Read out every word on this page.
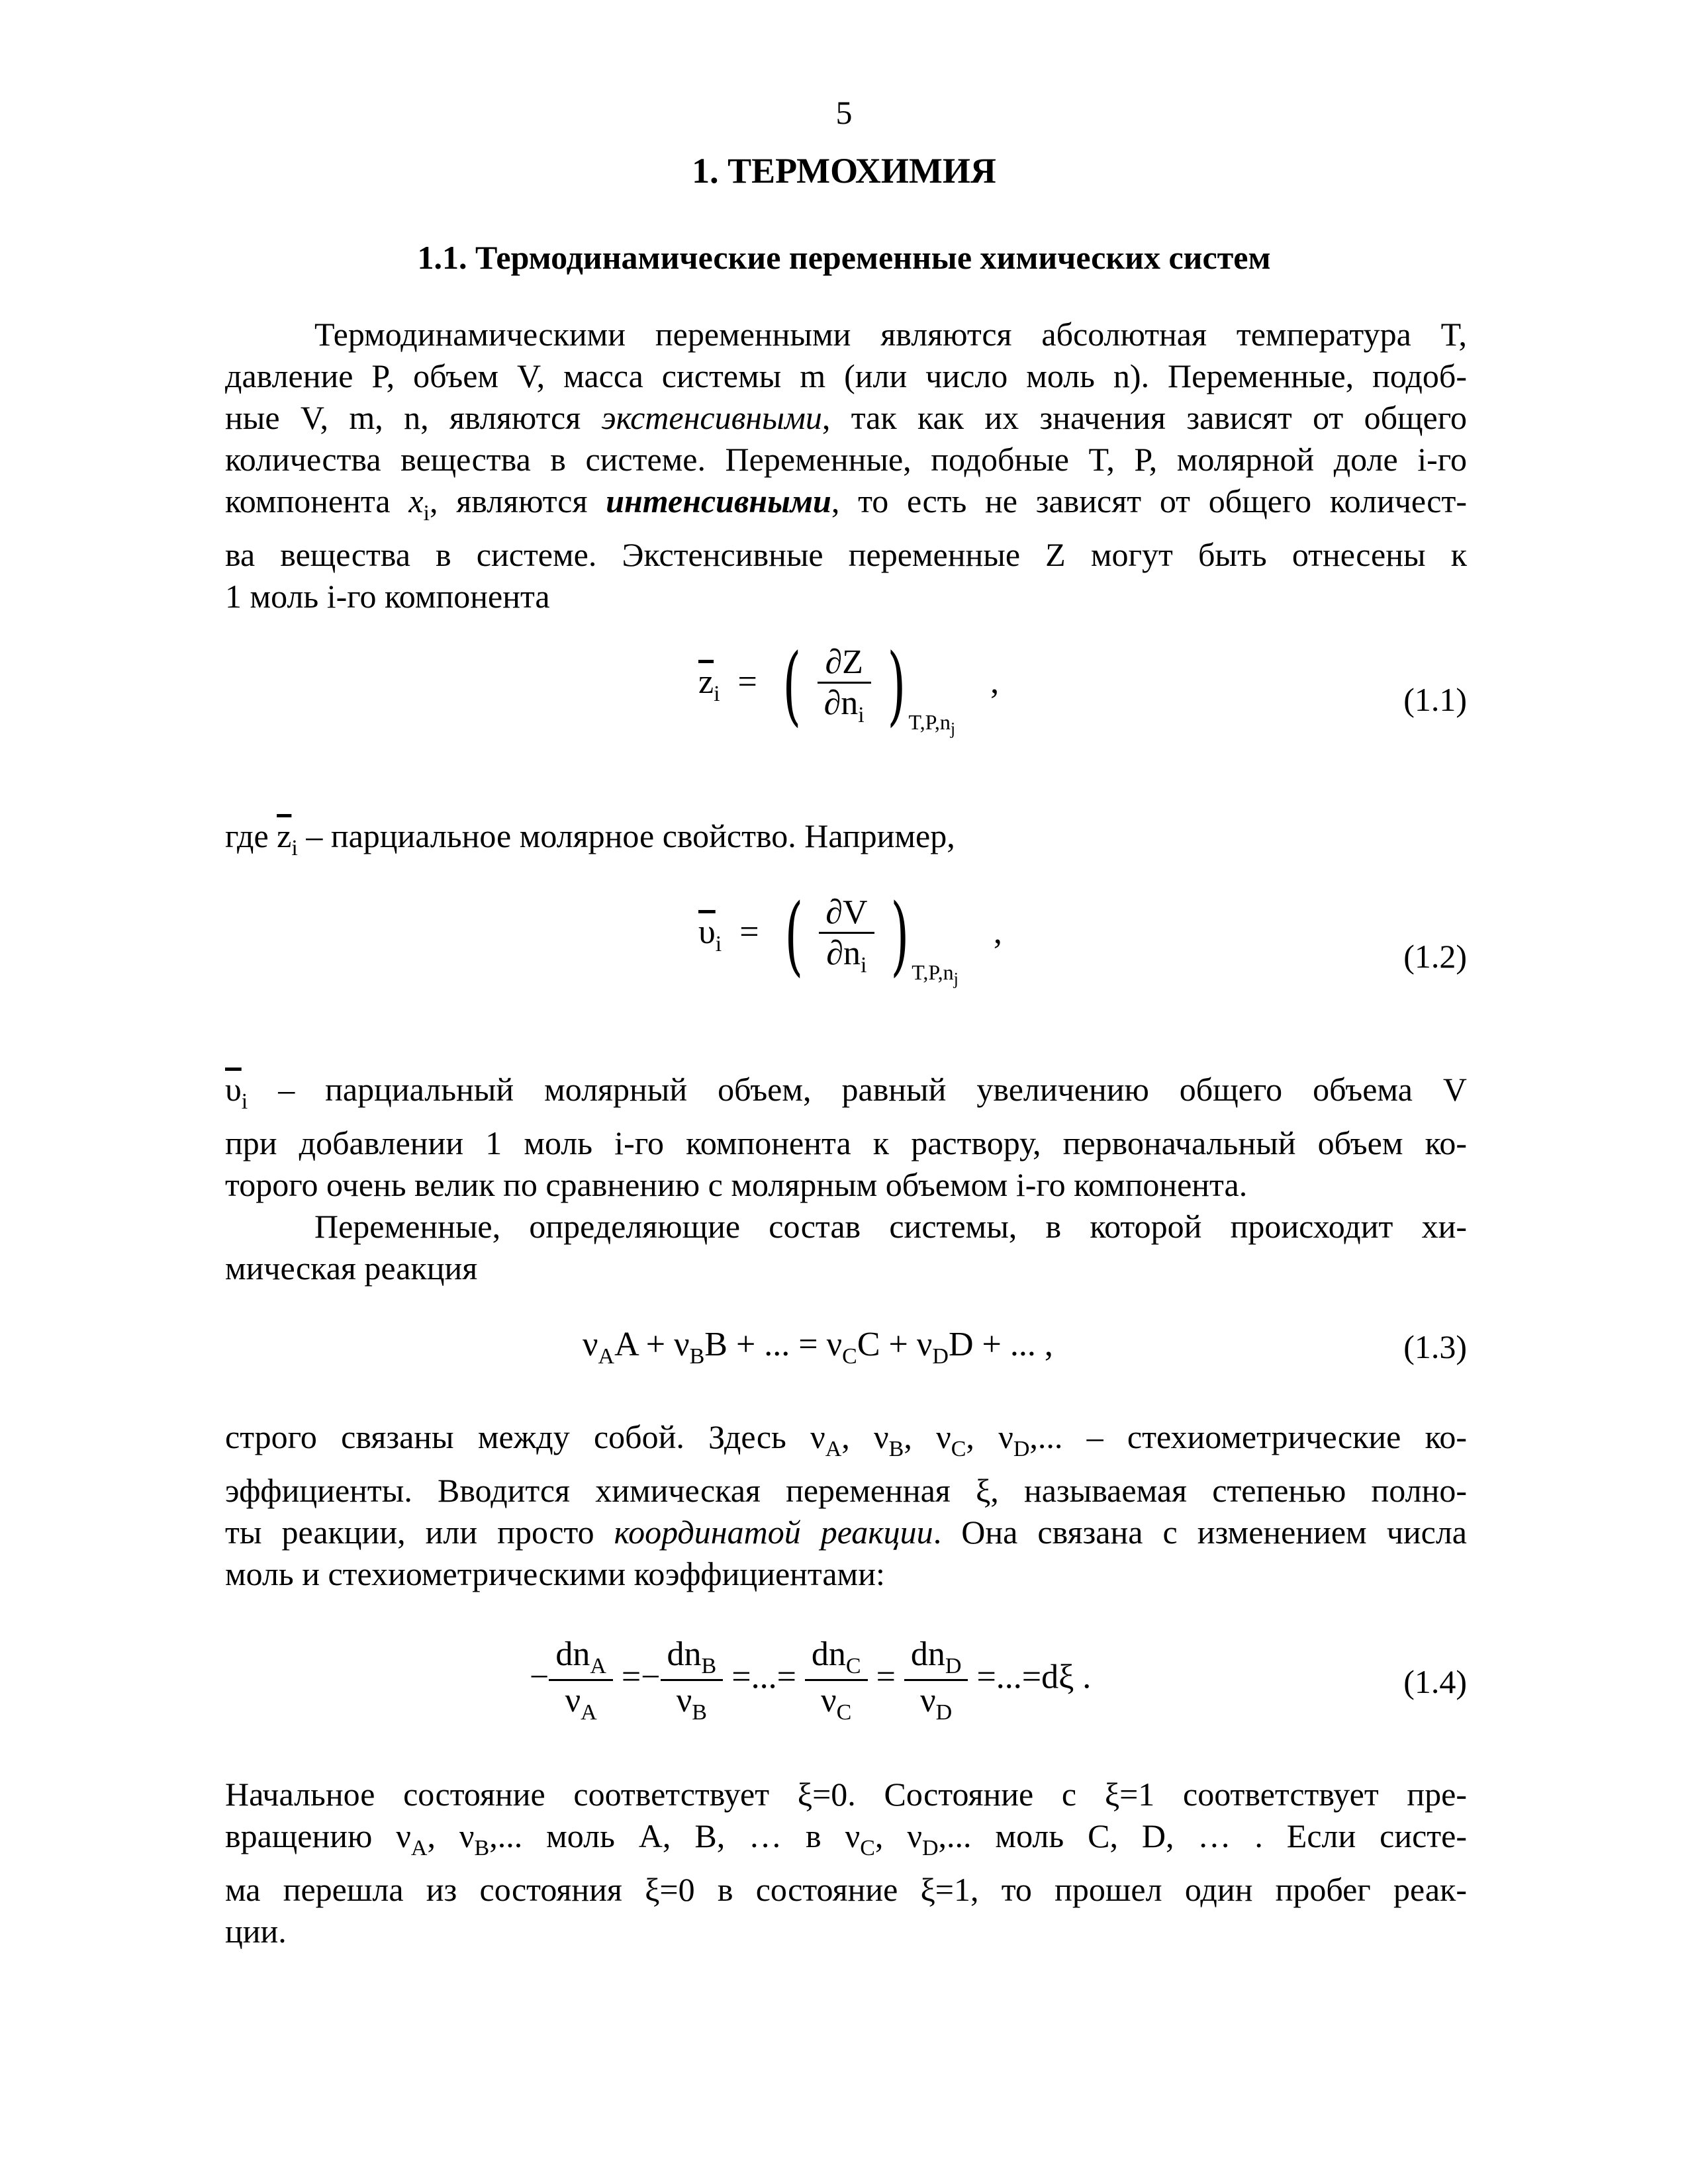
5
1. ТЕРМОХИМИЯ
1.1. Термодинамические переменные химических систем
Термодинамическими переменными являются абсолютная температура T,
давление P, объем V, масса системы m (или число моль n). Переменные, подоб-
ные V, m, n, являются экстенсивными, так как их значения зависят от общего
количества вещества в системе. Переменные, подобные T, P, молярной доле i-го
компонента $x_i$, являются интенсивными, то есть не зависят от общего количест-
ва вещества в системе. Экстенсивные переменные Z могут быть отнесены к
1 моль i-го компонента
$\overline{z}_i$ = ( $\frac{\partial Z}{\partial n_i}$ ) $_{T,P,n_j}$ ,	(1.1)
где $\overline{z}_i$ – парциальное молярное свойство. Например,
$\overline{\upsilon}_i$ = ( $\frac{\partial V}{\partial n_i}$ ) $_{T,P,n_j}$ ,
(1.2)
$\overline{\upsilon}_i$ – парциальный молярный объем, равный увеличению общего объема V
при добавлении 1 моль i-го компонента к раствору, первоначальный объем ко-
торого очень велик по сравнению с молярным объемом i-го компонента.
Переменные, определяющие состав системы, в которой происходит хи-
мическая реакция
$\nu_AA + \nu_BB$ + ... = $\nu_CC + \nu_DD$ + ... ,	(1.3)
строго связаны между собой. Здесь $\nu_A$, $\nu_B$, $\nu_C$, $\nu_D$,... – стехиометрические ко-
эффициенты. Вводится химическая переменная ξ, называемая степенью полно-
ты реакции, или просто координатой реакции. Она связана с изменением числа
моль и стехиометрическими коэффициентами:
− $\frac{dn_A}{\nu_A} =- \frac{dn_B}{\nu_B}$ =...= $\frac{dn_C}{\nu_C} = \frac{dn_D}{\nu_D} =...=d\xi$ .	(1.4)
Начальное состояние соответствует ξ=0. Состояние с ξ=1 соответствует пре-
вращению $\nu_A$, $\nu_B$,... моль A, B, … в $\nu_C$, $\nu_D$,... моль C, D, … . Если систе-
ма перешла из состояния ξ=0 в состояние ξ=1, то прошел один пробег реак-
ции.
